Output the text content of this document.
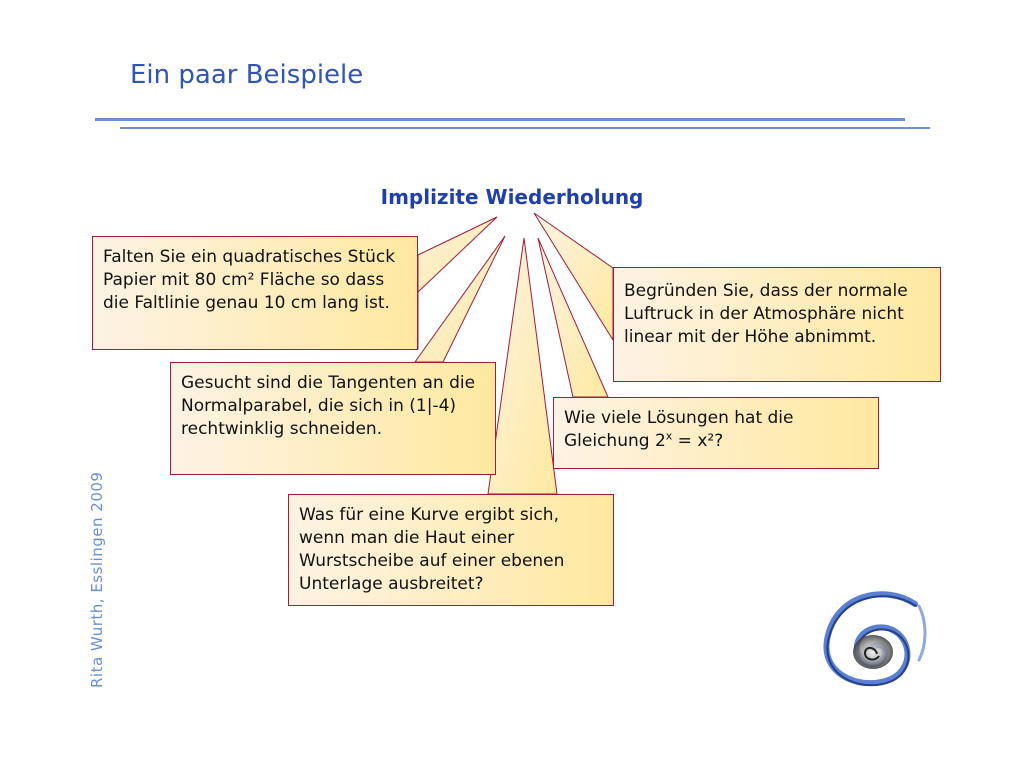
Ein paar Beispiele
Implizite Wiederholung
Falten Sie ein quadratisches Stück Papier mit 80 cm² Fläche so dass die Faltlinie genau 10 cm lang ist.
Begründen Sie, dass der normale Luftruck in der Atmosphäre nicht linear mit der Höhe abnimmt.
Gesucht sind die Tangenten an die Normalparabel, die sich in (1|-4) rechtwinklig schneiden.
Wie viele Lösungen hat die Gleichung $2^x = x^2$?
Was für eine Kurve ergibt sich, wenn man die Haut einer Wurstscheibe auf einer ebenen Unterlage ausbreitet?
Rita Wurth, Esslingen 2009
